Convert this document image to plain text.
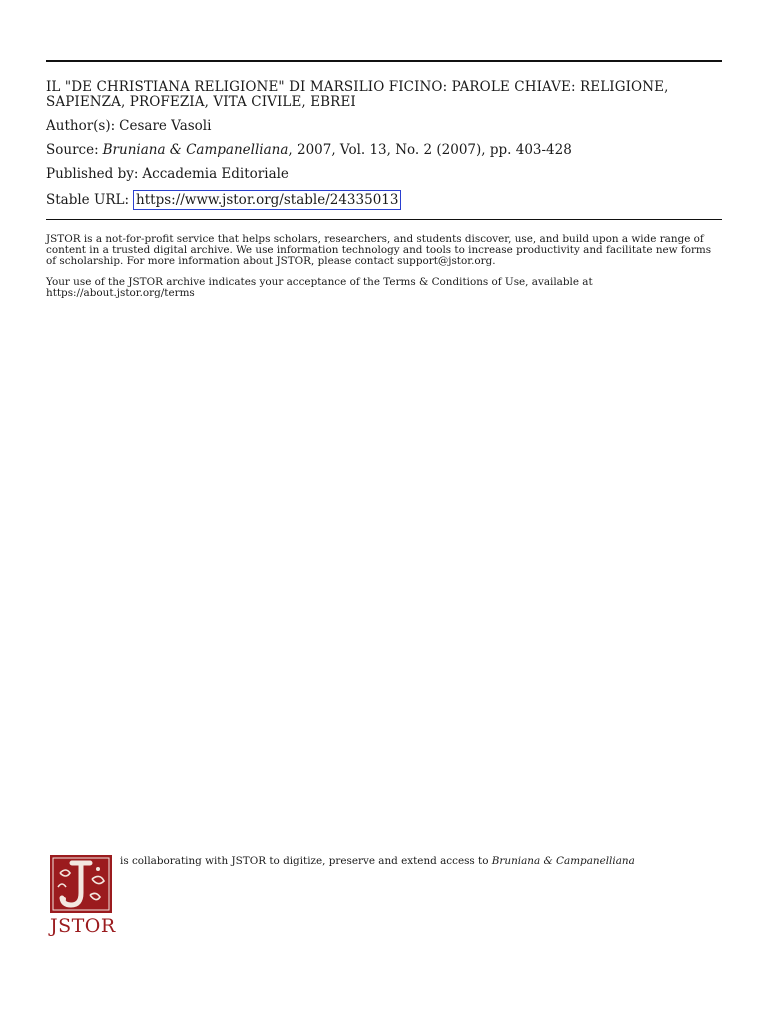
IL "DE CHRISTIANA RELIGIONE" DI MARSILIO FICINO: PAROLE CHIAVE: RELIGIONE, SAPIENZA, PROFEZIA, VITA CIVILE, EBREI
Author(s): Cesare Vasoli
Source: Bruniana & Campanelliana, 2007, Vol. 13, No. 2 (2007), pp. 403-428
Published by: Accademia Editoriale
Stable URL: https://www.jstor.org/stable/24335013

JSTOR is a not-for-profit service that helps scholars, researchers, and students discover, use, and build upon a wide range of content in a trusted digital archive. We use information technology and tools to increase productivity and facilitate new forms of scholarship. For more information about JSTOR, please contact support@jstor.org.

Your use of the JSTOR archive indicates your acceptance of the Terms & Conditions of Use, available at https://about.jstor.org/terms

JSTOR
is collaborating with JSTOR to digitize, preserve and extend access to Bruniana & Campanelliana
